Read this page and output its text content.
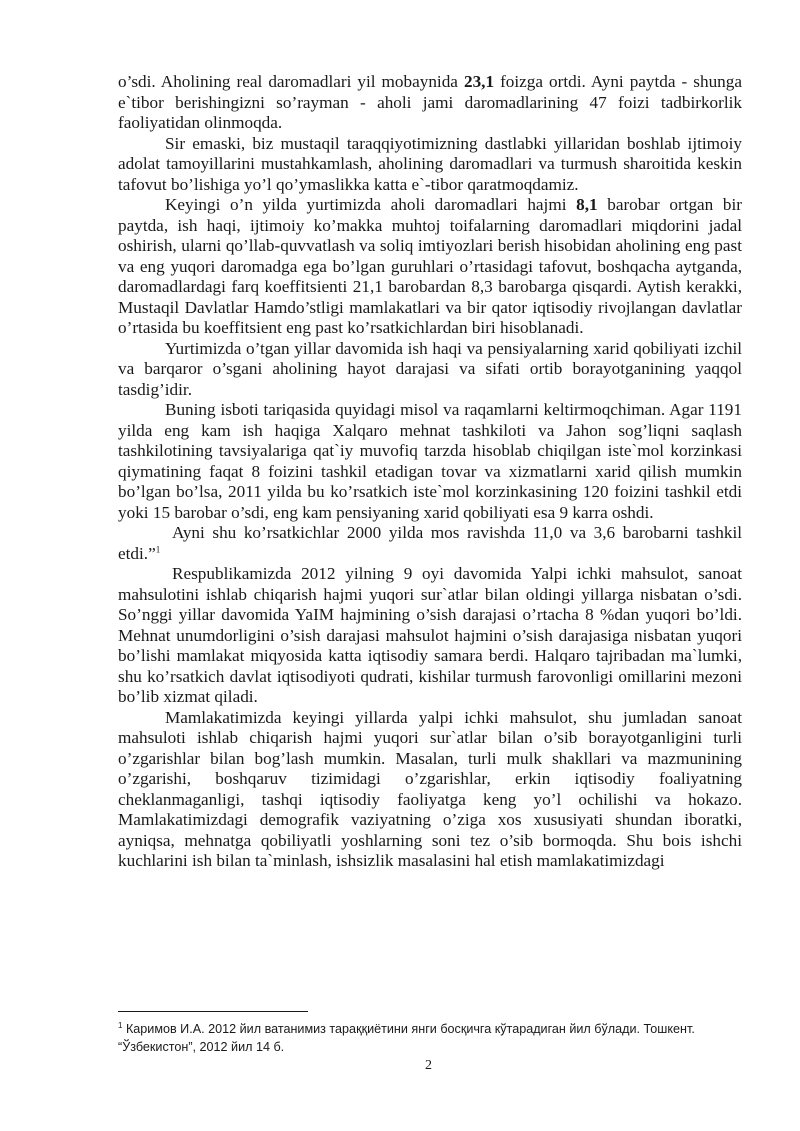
o’sdi. Aholining real daromadlari yil mobaynida 23,1 foizga ortdi. Ayni paytda - shunga e`tibor berishingizni so’rayman - aholi jami daromadlarining 47 foizi tadbirkorlik faoliyatidan olinmoqda.

Sir emaski, biz mustaqil taraqqiyotimizning dastlabki yillaridan boshlab ijtimoiy adolat tamoyillarini mustahkamlash, aholining daromadlari va turmush sharoitida keskin tafovut bo’lishiga yo’l qo’ymaslikka katta e`-tibor qaratmoqdamiz.

Keyingi o’n yilda yurtimizda aholi daromadlari hajmi 8,1 barobar ortgan bir paytda, ish haqi, ijtimoiy ko’makka muhtoj toifalarning daromadlari miqdorini jadal oshirish, ularni qo’llab-quvvatlash va soliq imtiyozlari berish hisobidan aholining eng past va eng yuqori daromadga ega bo’lgan guruhlari o’rtasidagi tafovut, boshqacha aytganda, daromadlardagi farq koeffitsienti 21,1 barobardan 8,3 barobarga qisqardi. Aytish kerakki, Mustaqil Davlatlar Hamdo’stligi mamlakatlari va bir qator iqtisodiy rivojlangan davlatlar o’rtasida bu koeffitsient eng past ko’rsatkichlardan biri hisoblanadi.

Yurtimizda o’tgan yillar davomida ish haqi va pensiyalarning xarid qobiliyati izchil va barqaror o’sgani aholining hayot darajasi va sifati ortib borayotganining yaqqol tasdig’idir.

Buning isboti tariqasida quyidagi misol va raqamlarni keltirmoqchiman. Agar 1191 yilda eng kam ish haqiga Xalqaro mehnat tashkiloti va Jahon sog’liqni saqlash tashkilotining tavsiyalariga qat`iy muvofiq tarzda hisoblab chiqilgan iste`mol korzinkasi qiymatining faqat 8 foizini tashkil etadigan tovar va xizmatlarni xarid qilish mumkin bo’lgan bo’lsa, 2011 yilda bu ko’rsatkich iste`mol korzinkasining 120 foizini tashkil etdi yoki 15 barobar o’sdi, eng kam pensiyaning xarid qobiliyati esa 9 karra oshdi.

Ayni shu ko’rsatkichlar 2000 yilda mos ravishda 11,0 va 3,6 barobarni tashkil etdi.”$^1$

Respublikamizda 2012 yilning 9 oyi davomida Yalpi ichki mahsulot, sanoat mahsulotini ishlab chiqarish hajmi yuqori sur`atlar bilan oldingi yillarga nisbatan o’sdi. So’nggi yillar davomida YaIM hajmining o’sish darajasi o’rtacha 8 %dan yuqori bo’ldi. Mehnat unumdorligini o’sish darajasi mahsulot hajmini o’sish darajasiga nisbatan yuqori bo’lishi mamlakat miqyosida katta iqtisodiy samara berdi. Halqaro tajribadan ma`lumki, shu ko’rsatkich davlat iqtisodiyoti qudrati, kishilar turmush farovonligi omillarini mezoni bo’lib xizmat qiladi.

Mamlakatimizda keyingi yillarda yalpi ichki mahsulot, shu jumladan sanoat mahsuloti ishlab chiqarish hajmi yuqori sur`atlar bilan o’sib borayotganligini turli o’zgarishlar bilan bog’lash mumkin. Masalan, turli mulk shakllari va mazmunining o’zgarishi, boshqaruv tizimidagi o’zgarishlar, erkin iqtisodiy foaliyatning cheklanmaganligi, tashqi iqtisodiy faoliyatga keng yo’l ochilishi va hokazo. Mamlakatimizdagi demografik vaziyatning o’ziga xos xususiyati shundan iboratki, ayniqsa, mehnatga qobiliyatli yoshlarning soni tez o’sib bormoqda. Shu bois ishchi kuchlarini ish bilan ta`minlash, ishsizlik masalasini hal etish mamlakatimizdagi

$^1$ Каримов И.А. 2012 йил ватанимиз тараққиётини янги босқичга кўтарадиган йил бўлади. Тошкент. “Ўзбекистон”, 2012 йил 14 б.
2
